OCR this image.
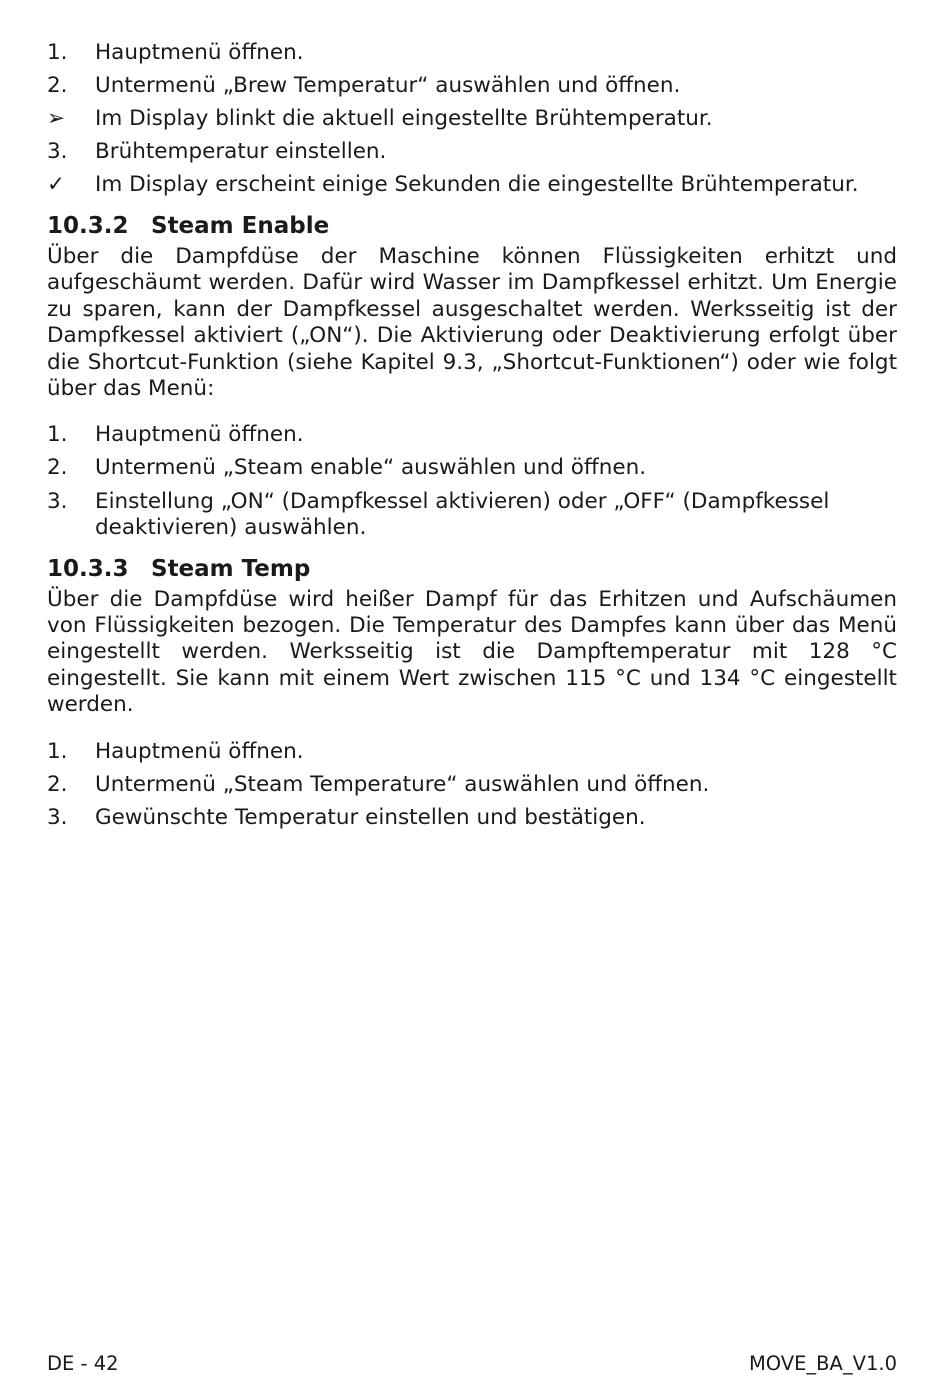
1.	Hauptmenü öffnen.
2.	Untermenü „Brew Temperatur“ auswählen und öffnen.
➢	Im Display blinkt die aktuell eingestellte Brühtemperatur.
3.	Brühtemperatur einstellen.
✓	Im Display erscheint einige Sekunden die eingestellte Brühtemperatur.
10.3.2 Steam Enable

Über die Dampfdüse der Maschine können Flüssigkeiten erhitzt und aufgeschäumt werden. Dafür wird Wasser im Dampfkessel erhitzt. Um Energie zu sparen, kann der Dampfkessel ausgeschaltet werden. Werksseitig ist der Dampfkessel aktiviert („ON“). Die Aktivierung oder Deaktivierung erfolgt über die Shortcut-Funktion (siehe Kapitel 9.3, „Shortcut-Funktionen“) oder wie folgt über das Menü:

1.	Hauptmenü öffnen.
2.	Untermenü „Steam enable“ auswählen und öffnen.
3.	Einstellung „ON“ (Dampfkessel aktivieren) oder „OFF“ (Dampfkessel deaktivieren) auswählen.
10.3.3 Steam Temp

Über die Dampfdüse wird heißer Dampf für das Erhitzen und Aufschäumen von Flüssigkeiten bezogen. Die Temperatur des Dampfes kann über das Menü eingestellt werden. Werksseitig ist die Dampftemperatur mit 128 °C eingestellt. Sie kann mit einem Wert zwischen 115 °C und 134 °C eingestellt werden.

1.	Hauptmenü öffnen.
2.	Untermenü „Steam Temperature“ auswählen und öffnen.
3.	Gewünschte Temperatur einstellen und bestätigen.
DE - 42	MOVE_BA_V1.0
